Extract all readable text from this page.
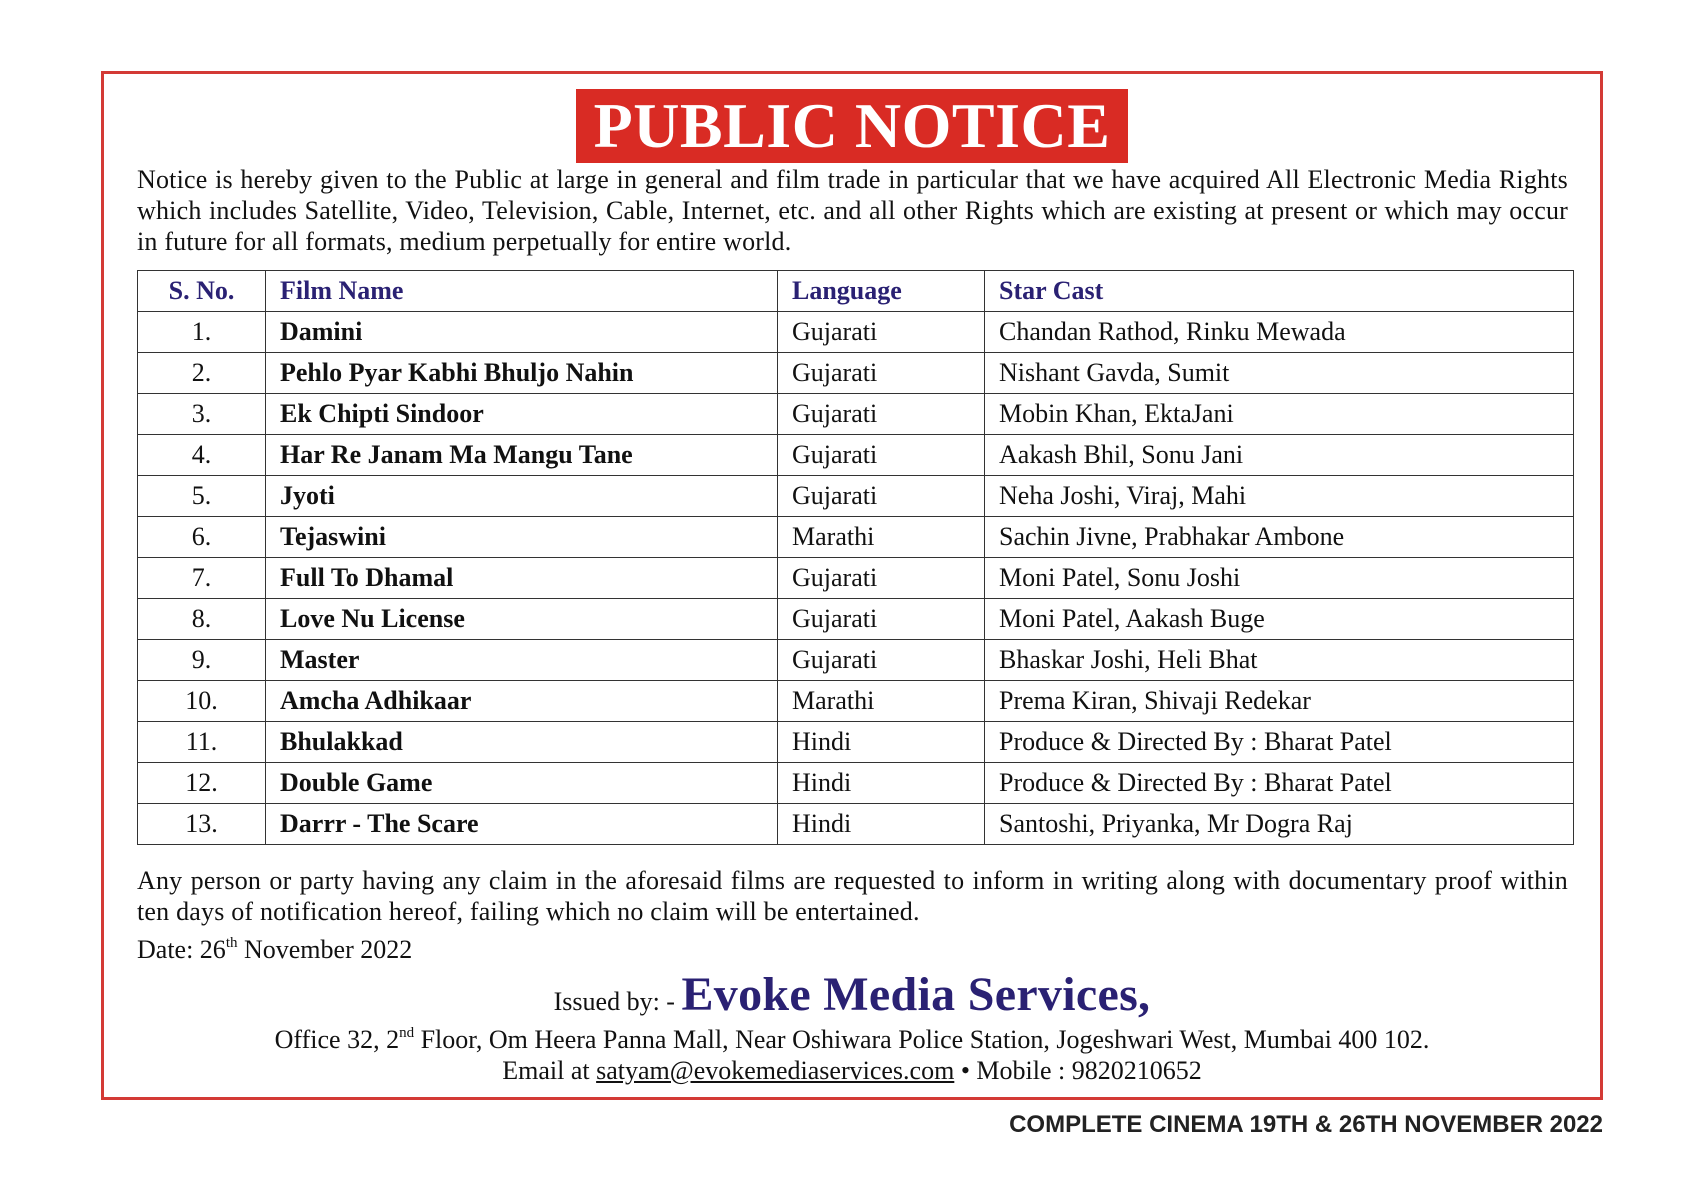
PUBLIC NOTICE
Notice is hereby given to the Public at large in general and film trade in particular that we have acquired All Electronic Media Rights which includes Satellite, Video, Television, Cable, Internet, etc. and all other Rights which are existing at present or which may occur in future for all formats, medium perpetually for entire world.
S. No.	Film Name	Language	Star Cast
1.	Damini	Gujarati	Chandan Rathod, Rinku Mewada
2.	Pehlo Pyar Kabhi Bhuljo Nahin	Gujarati	Nishant Gavda, Sumit
3.	Ek Chipti Sindoor	Gujarati	Mobin Khan, EktaJani
4.	Har Re Janam Ma Mangu Tane	Gujarati	Aakash Bhil, Sonu Jani
5.	Jyoti	Gujarati	Neha Joshi, Viraj, Mahi
6.	Tejaswini	Marathi	Sachin Jivne, Prabhakar Ambone
7.	Full To Dhamal	Gujarati	Moni Patel, Sonu Joshi
8.	Love Nu License	Gujarati	Moni Patel, Aakash Buge
9.	Master	Gujarati	Bhaskar Joshi, Heli Bhat
10.	Amcha Adhikaar	Marathi	Prema Kiran, Shivaji Redekar
11.	Bhulakkad	Hindi	Produce & Directed By : Bharat Patel
12.	Double Game	Hindi	Produce & Directed By : Bharat Patel
13.	Darrr - The Scare	Hindi	Santoshi, Priyanka, Mr Dogra Raj
Any person or party having any claim in the aforesaid films are requested to inform in writing along with documentary proof within ten days of notification hereof, failing which no claim will be entertained.
Date: 26th November 2022
Issued by: - Evoke Media Services,
Office 32, 2nd Floor, Om Heera Panna Mall, Near Oshiwara Police Station, Jogeshwari West, Mumbai 400 102.
Email at satyam@evokemediaservices.com • Mobile : 9820210652
COMPLETE CINEMA 19TH & 26TH NOVEMBER 2022
